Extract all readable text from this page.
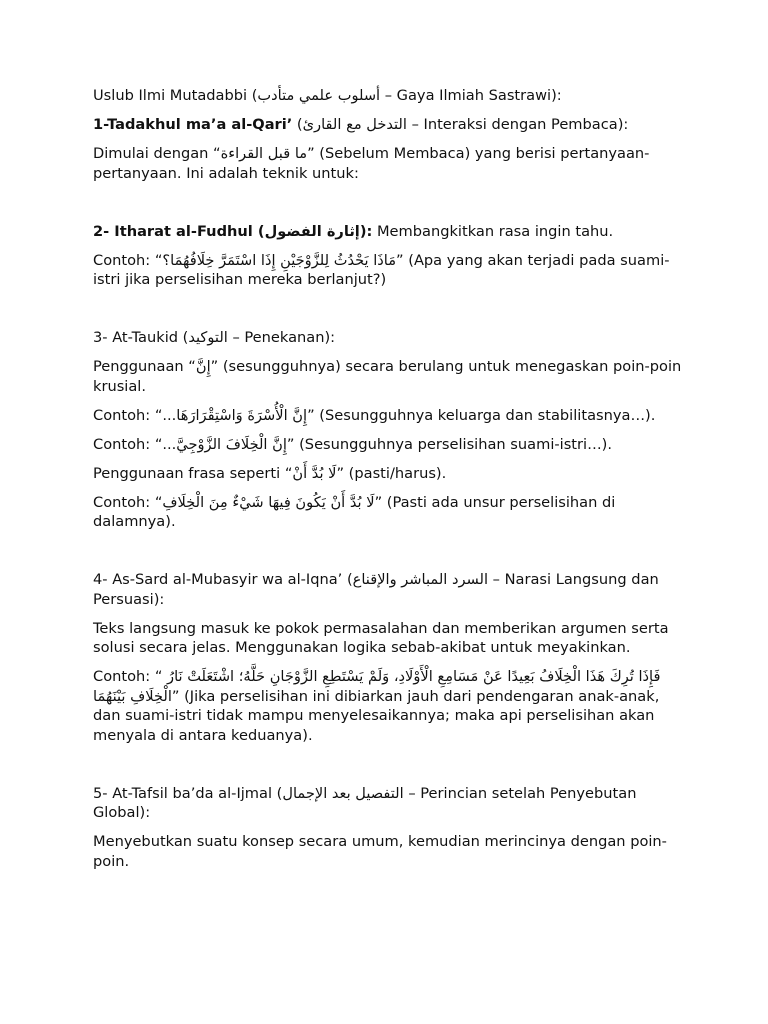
Uslub Ilmi Mutadabbi (أسلوب علمي متأدب – Gaya Ilmiah Sastrawi):

1-Tadakhul ma’a al-Qari’ (التدخل مع القارئ – Interaksi dengan Pembaca):

Dimulai dengan “ما قبل القراءة” (Sebelum Membaca) yang berisi pertanyaan-pertanyaan. Ini adalah teknik untuk:

2- Itharat al-Fudhul (إثارة الفضول): Membangkitkan rasa ingin tahu.

Contoh: “مَاذَا يَحْدُثُ لِلزَّوْجَيْنِ إِذَا اسْتَمَرَّ خِلَافُهُمَا؟” (Apa yang akan terjadi pada suami-istri jika perselisihan mereka berlanjut?)

3- At-Taukid (التوكيد – Penekanan):

Penggunaan “إِنَّ” (sesungguhnya) secara berulang untuk menegaskan poin-poin krusial.

Contoh: “إِنَّ الْأُسْرَةَ وَاسْتِقْرَارَهَا...” (Sesungguhnya keluarga dan stabilitasnya…).

Contoh: “إِنَّ الْخِلَافَ الزَّوْجِيَّ...” (Sesungguhnya perselisihan suami-istri…).

Penggunaan frasa seperti “لَا بُدَّ أَنْ” (pasti/harus).

Contoh: “لَا بُدَّ أَنْ يَكُونَ فِيهَا شَيْءٌ مِنَ الْخِلَافِ” (Pasti ada unsur perselisihan di dalamnya).

4- As-Sard al-Mubasyir wa al-Iqna’ (السرد المباشر والإقناع – Narasi Langsung dan Persuasi):

Teks langsung masuk ke pokok permasalahan dan memberikan argumen serta solusi secara jelas. Menggunakan logika sebab-akibat untuk meyakinkan.

Contoh: “ فَإِذَا تُرِكَ هَذَا الْخِلَافُ بَعِيدًا عَنْ مَسَامِعِ الْأَوْلَادِ، وَلَمْ يَسْتَطِعِ الزَّوْجَانِ حَلَّهُ؛ اشْتَعَلَتْ نَارُ الْخِلَافِ بَيْنَهُمَا” (Jika perselisihan ini dibiarkan jauh dari pendengaran anak-anak, dan suami-istri tidak mampu menyelesaikannya; maka api perselisihan akan menyala di antara keduanya).

5- At-Tafsil ba’da al-Ijmal (التفصيل بعد الإجمال – Perincian setelah Penyebutan Global):

Menyebutkan suatu konsep secara umum, kemudian merincinya dengan poin-poin.
